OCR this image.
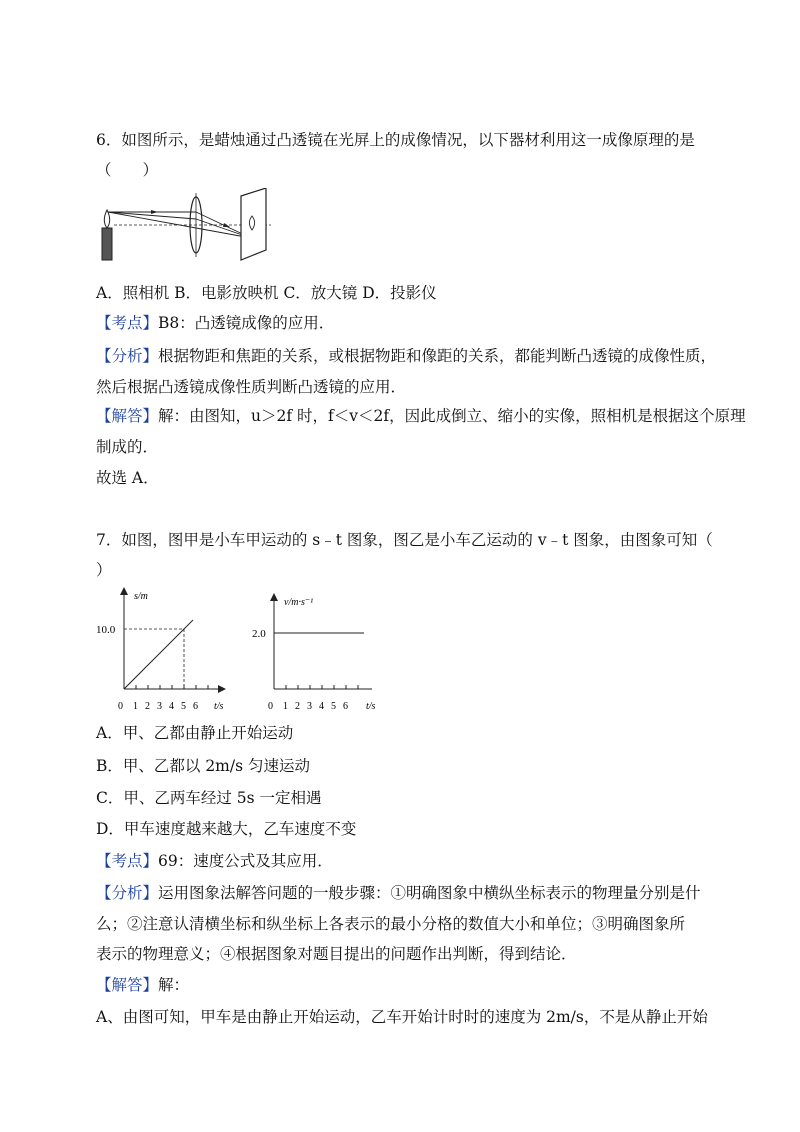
6．如图所示，是蜡烛通过凸透镜在光屏上的成像情况，以下器材利用这一成像原理的是
（　　）
A．照相机 B．电影放映机 C．放大镜 D．投影仪
【考点】B8：凸透镜成像的应用．
【分析】根据物距和焦距的关系，或根据物距和像距的关系，都能判断凸透镜的成像性质，
然后根据凸透镜成像性质判断凸透镜的应用．
【解答】解：由图知，u＞2f 时，f＜v＜2f，因此成倒立、缩小的实像，照相机是根据这个原理
制成的．
故选 A．
7．如图，图甲是小车甲运动的 s﹣t 图象，图乙是小车乙运动的 v﹣t 图象，由图象可知（
）
s/m
10.0
t/s
0 1 2 3 4 5 6
v/m·s⁻¹
2.0
t/s
0 1 2 3 4 5 6
A．甲、乙都由静止开始运动
B．甲、乙都以 2m/s 匀速运动
C．甲、乙两车经过 5s 一定相遇
D．甲车速度越来越大，乙车速度不变
【考点】69：速度公式及其应用．
【分析】运用图象法解答问题的一般步骤：①明确图象中横纵坐标表示的物理量分别是什
么；②注意认清横坐标和纵坐标上各表示的最小分格的数值大小和单位；③明确图象所
表示的物理意义；④根据图象对题目提出的问题作出判断，得到结论．
【解答】解：
A、由图可知，甲车是由静止开始运动，乙车开始计时时的速度为 2m/s，不是从静止开始
